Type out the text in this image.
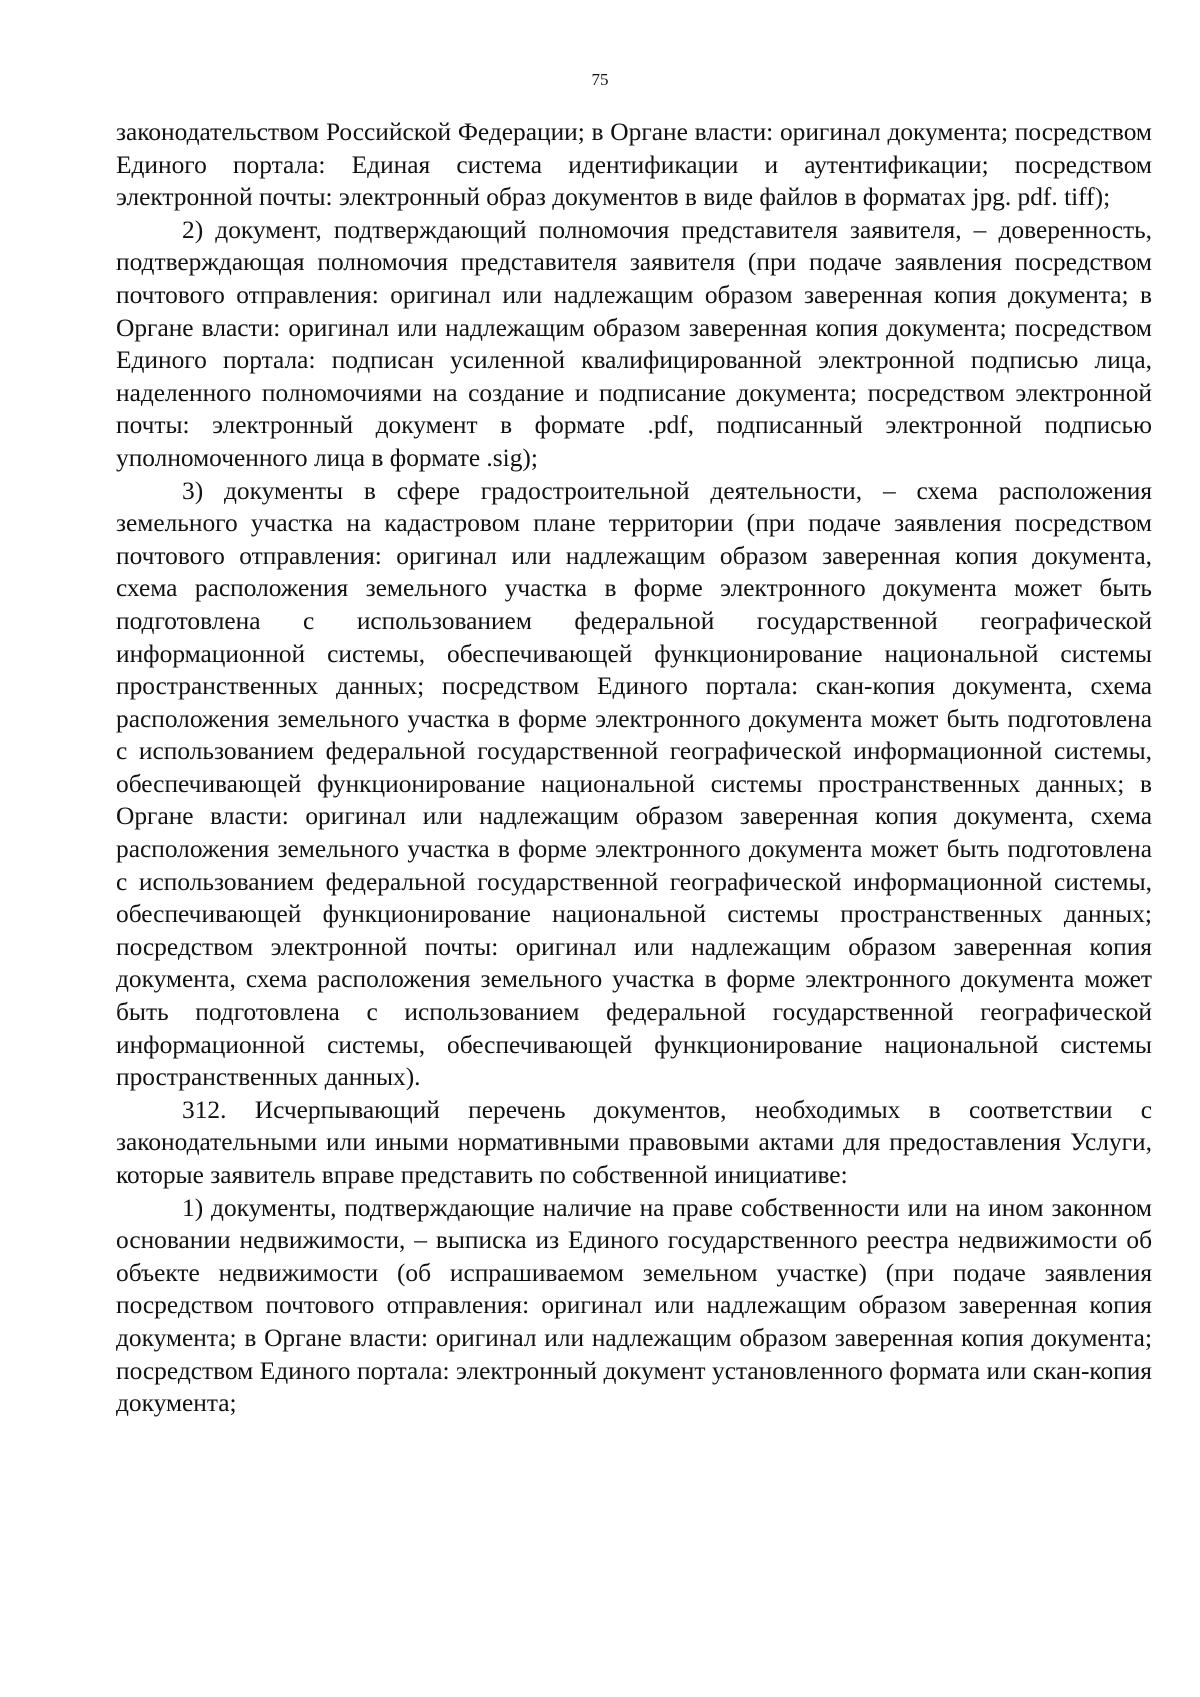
75

законодательством Российской Федерации; в Органе власти: оригинал документа; посредством Единого портала: Единая система идентификации и аутентификации; посредством электронной почты: электронный образ документов в виде файлов в форматах jpg. pdf. tiff);

2) документ, подтверждающий полномочия представителя заявителя, – доверенность, подтверждающая полномочия представителя заявителя (при подаче заявления посредством почтового отправления: оригинал или надлежащим образом заверенная копия документа; в Органе власти: оригинал или надлежащим образом заверенная копия документа; посредством Единого портала: подписан усиленной квалифицированной электронной подписью лица, наделенного полномочиями на создание и подписание документа; посредством электронной почты: электронный документ в формате .pdf, подписанный электронной подписью уполномоченного лица в формате .sig);

3) документы в сфере градостроительной деятельности, – схема расположения земельного участка на кадастровом плане территории (при подаче заявления посредством почтового отправления: оригинал или надлежащим образом заверенная копия документа, схема расположения земельного участка в форме электронного документа может быть подготовлена с использованием федеральной государственной географической информационной системы, обеспечивающей функционирование национальной системы пространственных данных; посредством Единого портала: скан-копия документа, схема расположения земельного участка в форме электронного документа может быть подготовлена с использованием федеральной государственной географической информационной системы, обеспечивающей функционирование национальной системы пространственных данных; в Органе власти: оригинал или надлежащим образом заверенная копия документа, схема расположения земельного участка в форме электронного документа может быть подготовлена с использованием федеральной государственной географической информационной системы, обеспечивающей функционирование национальной системы пространственных данных; посредством электронной почты: оригинал или надлежащим образом заверенная копия документа, схема расположения земельного участка в форме электронного документа может быть подготовлена с использованием федеральной государственной географической информационной системы, обеспечивающей функционирование национальной системы пространственных данных).

312. Исчерпывающий перечень документов, необходимых в соответствии с законодательными или иными нормативными правовыми актами для предоставления Услуги, которые заявитель вправе представить по собственной инициативе:

1) документы, подтверждающие наличие на праве собственности или на ином законном основании недвижимости, – выписка из Единого государственного реестра недвижимости об объекте недвижимости (об испрашиваемом земельном участке) (при подаче заявления посредством почтового отправления: оригинал или надлежащим образом заверенная копия документа; в Органе власти: оригинал или надлежащим образом заверенная копия документа; посредством Единого портала: электронный документ установленного формата или скан-копия документа;
